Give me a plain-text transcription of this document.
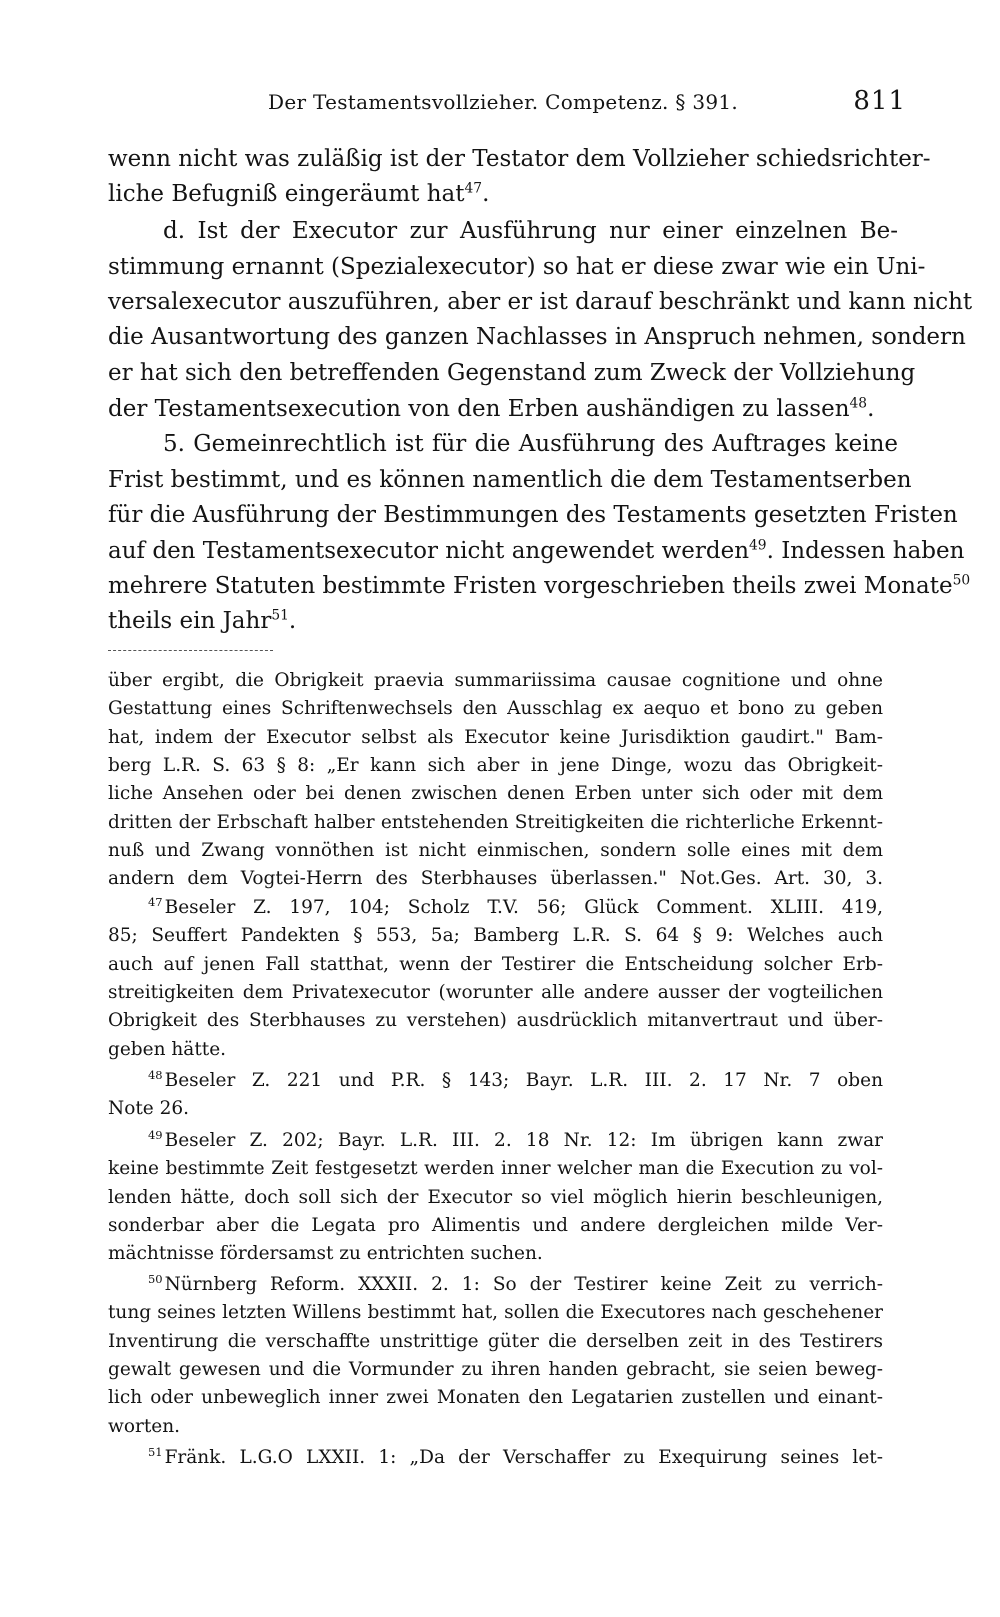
Der Testamentsvollzieher. Competenz. § 391.	811
wenn nicht was zuläßig ist der Testator dem Vollzieher schiedsrichter-
liche Befugniß eingeräumt hat$^{47}$.
d. Ist der Executor zur Ausführung nur einer einzelnen Be-
stimmung ernannt (Spezialexecutor) so hat er diese zwar wie ein Uni-
versalexecutor auszuführen, aber er ist darauf beschränkt und kann nicht
die Ausantwortung des ganzen Nachlasses in Anspruch nehmen, sondern
er hat sich den betreffenden Gegenstand zum Zweck der Vollziehung
der Testamentsexecution von den Erben aushändigen zu lassen$^{48}$.
5. Gemeinrechtlich ist für die Ausführung des Auftrages keine
Frist bestimmt, und es können namentlich die dem Testamentserben
für die Ausführung der Bestimmungen des Testaments gesetzten Fristen
auf den Testamentsexecutor nicht angewendet werden$^{49}$. Indessen haben
mehrere Statuten bestimmte Fristen vorgeschrieben theils zwei Monate$^{50}$
theils ein Jahr$^{51}$.
über ergibt, die Obrigkeit praevia summariissima causae cognitione und ohne
Gestattung eines Schriftenwechsels den Ausschlag ex aequo et bono zu geben
hat, indem der Executor selbst als Executor keine Jurisdiktion gaudirt." Bam-
berg L.R. S. 63 § 8: „Er kann sich aber in jene Dinge, wozu das Obrigkeit-
liche Ansehen oder bei denen zwischen denen Erben unter sich oder mit dem
dritten der Erbschaft halber entstehenden Streitigkeiten die richterliche Erkennt-
nuß und Zwang vonnöthen ist nicht einmischen, sondern solle eines mit dem
andern dem Vogtei-Herrn des Sterbhauses überlassen." Not.Ges. Art. 30, 3.
$^{47}$ Beseler Z. 197, 104; Scholz T.V. 56; Glück Comment. XLIII. 419,
85; Seuffert Pandekten § 553, 5a; Bamberg L.R. S. 64 § 9: Welches auch
auch auf jenen Fall statthat, wenn der Testirer die Entscheidung solcher Erb-
streitigkeiten dem Privatexecutor (worunter alle andere ausser der vogteilichen
Obrigkeit des Sterbhauses zu verstehen) ausdrücklich mitanvertraut und über-
geben hätte.
$^{48}$ Beseler Z. 221 und P.R. § 143; Bayr. L.R. III. 2. 17 Nr. 7 oben
Note 26.
$^{49}$ Beseler Z. 202; Bayr. L.R. III. 2. 18 Nr. 12: Im übrigen kann zwar
keine bestimmte Zeit festgesetzt werden inner welcher man die Execution zu vol-
lenden hätte, doch soll sich der Executor so viel möglich hierin beschleunigen,
sonderbar aber die Legata pro Alimentis und andere dergleichen milde Ver-
mächtnisse fördersamst zu entrichten suchen.
$^{50}$ Nürnberg Reform. XXXII. 2. 1: So der Testirer keine Zeit zu verrich-
tung seines letzten Willens bestimmt hat, sollen die Executores nach geschehener
Inventirung die verschaffte unstrittige güter die derselben zeit in des Testirers
gewalt gewesen und die Vormunder zu ihren handen gebracht, sie seien beweg-
lich oder unbeweglich inner zwei Monaten den Legatarien zustellen und einant-
worten.
$^{51}$ Fränk. L.G.O LXXII. 1: „Da der Verschaffer zu Exequirung seines let-
